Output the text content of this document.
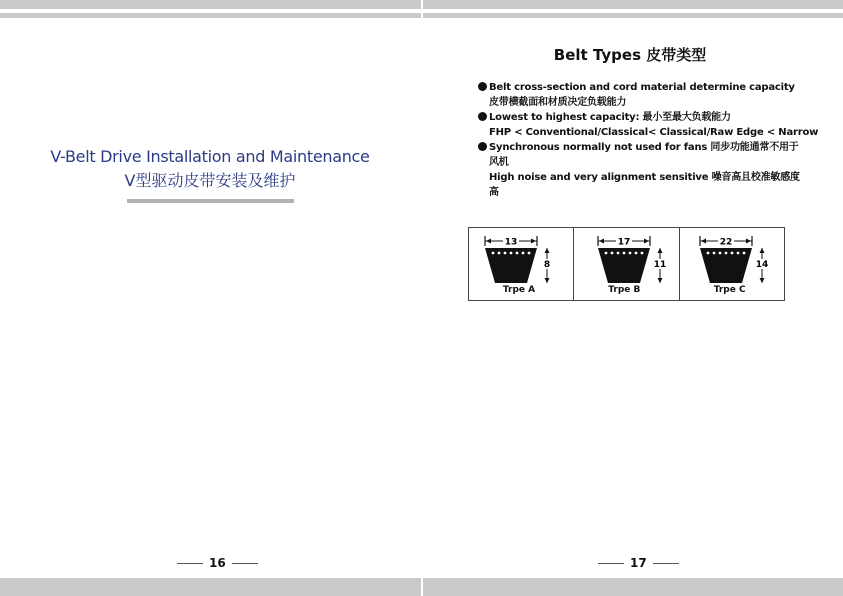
V-Belt Drive Installation and Maintenance
V型驱动皮带安装及维护
16
Belt Types 皮带类型
Belt cross-section and cord material determine capacity
皮带横截面和材质决定负载能力
Lowest to highest capacity: 最小至最大负载能力
FHP < Conventional/Classical< Classical/Raw Edge < Narrow
Synchronous normally not used for fans 同步功能通常不用于
风机
High noise and very alignment sensitive 噪音高且校准敏感度
高
13
8
Trpe A
17
11
Trpe B
22
14
Trpe C
17
